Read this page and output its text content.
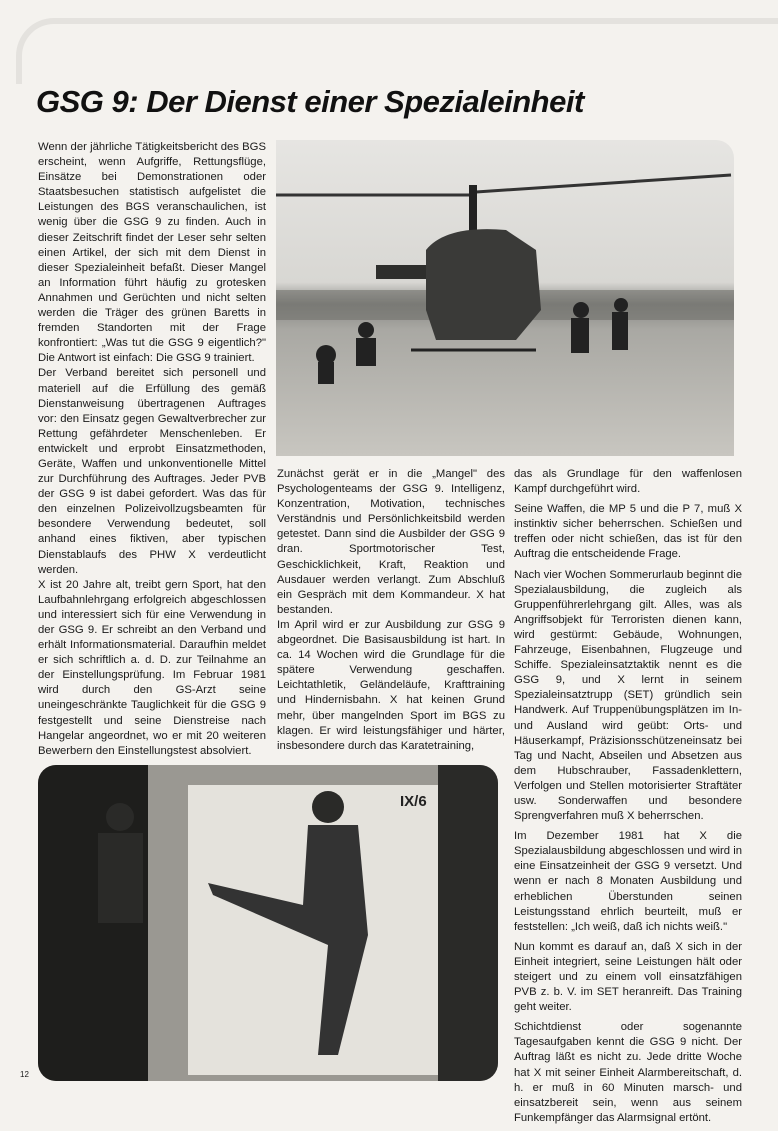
GSG 9: Der Dienst einer Spezialeinheit

Wenn der jährliche Tätigkeitsbericht des BGS erscheint, wenn Aufgriffe, Rettungsflüge, Einsätze bei Demonstrationen oder Staatsbesuchen statistisch aufgelistet die Leistungen des BGS veranschaulichen, ist wenig über die GSG 9 zu finden. Auch in dieser Zeitschrift findet der Leser sehr selten einen Artikel, der sich mit dem Dienst in dieser Spezialeinheit befaßt. Dieser Mangel an Information führt häufig zu grotesken Annahmen und Gerüchten und nicht selten werden die Träger des grünen Baretts in fremden Standorten mit der Frage konfrontiert: „Was tut die GSG 9 eigentlich?" Die Antwort ist einfach: Die GSG 9 trainiert.

Der Verband bereitet sich personell und materiell auf die Erfüllung des gemäß Dienstanweisung übertragenen Auftrages vor: den Einsatz gegen Gewaltverbrecher zur Rettung gefährdeter Menschenleben. Er entwickelt und erprobt Einsatzmethoden, Geräte, Waffen und unkonventionelle Mittel zur Durchführung des Auftrages. Jeder PVB der GSG 9 ist dabei gefordert. Was das für den einzelnen Polizeivollzugsbeamten für besondere Verwendung bedeutet, soll anhand eines fiktiven, aber typischen Dienstablaufs des PHW X verdeutlicht werden.

X ist 20 Jahre alt, treibt gern Sport, hat den Laufbahnlehrgang erfolgreich abgeschlossen und interessiert sich für eine Verwendung in der GSG 9. Er schreibt an den Verband und erhält Informationsmaterial. Daraufhin meldet er sich schriftlich a. d. D. zur Teilnahme an der Einstellungsprüfung. Im Februar 1981 wird durch den GS-Arzt seine uneingeschränkte Tauglichkeit für die GSG 9 festgestellt und seine Dienstreise nach Hangelar angeordnet, wo er mit 20 weiteren Bewerbern den Einstellungstest absolviert.

Zunächst gerät er in die „Mangel" des Psychologenteams der GSG 9. Intelligenz, Konzentration, Motivation, technisches Verständnis und Persönlichkeitsbild werden getestet. Dann sind die Ausbilder der GSG 9 dran. Sportmotorischer Test, Geschicklichkeit, Kraft, Reaktion und Ausdauer werden verlangt. Zum Abschluß ein Gespräch mit dem Kommandeur. X hat bestanden.

Im April wird er zur Ausbildung zur GSG 9 abgeordnet. Die Basisausbildung ist hart. In ca. 14 Wochen wird die Grundlage für die spätere Verwendung geschaffen. Leichtathletik, Geländeläufe, Krafttraining und Hindernisbahn. X hat keinen Grund mehr, über mangelnden Sport im BGS zu klagen. Er wird leistungsfähiger und härter, insbesondere durch das Karatetraining,

das als Grundlage für den waffenlosen Kampf durchgeführt wird.

Seine Waffen, die MP 5 und die P 7, muß X instinktiv sicher beherrschen. Schießen und treffen oder nicht schießen, das ist für den Auftrag die entscheidende Frage.

Nach vier Wochen Sommerurlaub beginnt die Spezialausbildung, die zugleich als Gruppenführerlehrgang gilt. Alles, was als Angriffsobjekt für Terroristen dienen kann, wird gestürmt: Gebäude, Wohnungen, Fahrzeuge, Eisenbahnen, Flugzeuge und Schiffe. Spezialeinsatztaktik nennt es die GSG 9, und X lernt in seinem Spezialeinsatztrupp (SET) gründlich sein Handwerk. Auf Truppenübungsplätzen im In- und Ausland wird geübt: Orts- und Häuserkampf, Präzisionsschützeneinsatz bei Tag und Nacht, Abseilen und Absetzen aus dem Hubschrauber, Fassadenklettern, Verfolgen und Stellen motorisierter Straftäter usw. Sonderwaffen und besondere Sprengverfahren muß X beherrschen.

Im Dezember 1981 hat X die Spezialausbildung abgeschlossen und wird in eine Einsatzeinheit der GSG 9 versetzt. Und wenn er nach 8 Monaten Ausbildung und erheblichen Überstunden seinen Leistungsstand ehrlich beurteilt, muß er feststellen: „Ich weiß, daß ich nichts weiß."

Nun kommt es darauf an, daß X sich in der Einheit integriert, seine Leistungen hält oder steigert und zu einem voll einsatzfähigen PVB z. b. V. im SET heranreift. Das Training geht weiter.

Schichtdienst oder sogenannte Tagesaufgaben kennt die GSG 9 nicht. Der Auftrag läßt es nicht zu. Jede dritte Woche hat X mit seiner Einheit Alarmbereitschaft, d. h. er muß in 60 Minuten marsch- und einsatzbereit sein, wenn aus seinem Funkempfänger das Alarmsignal ertönt.

IX/6
12
